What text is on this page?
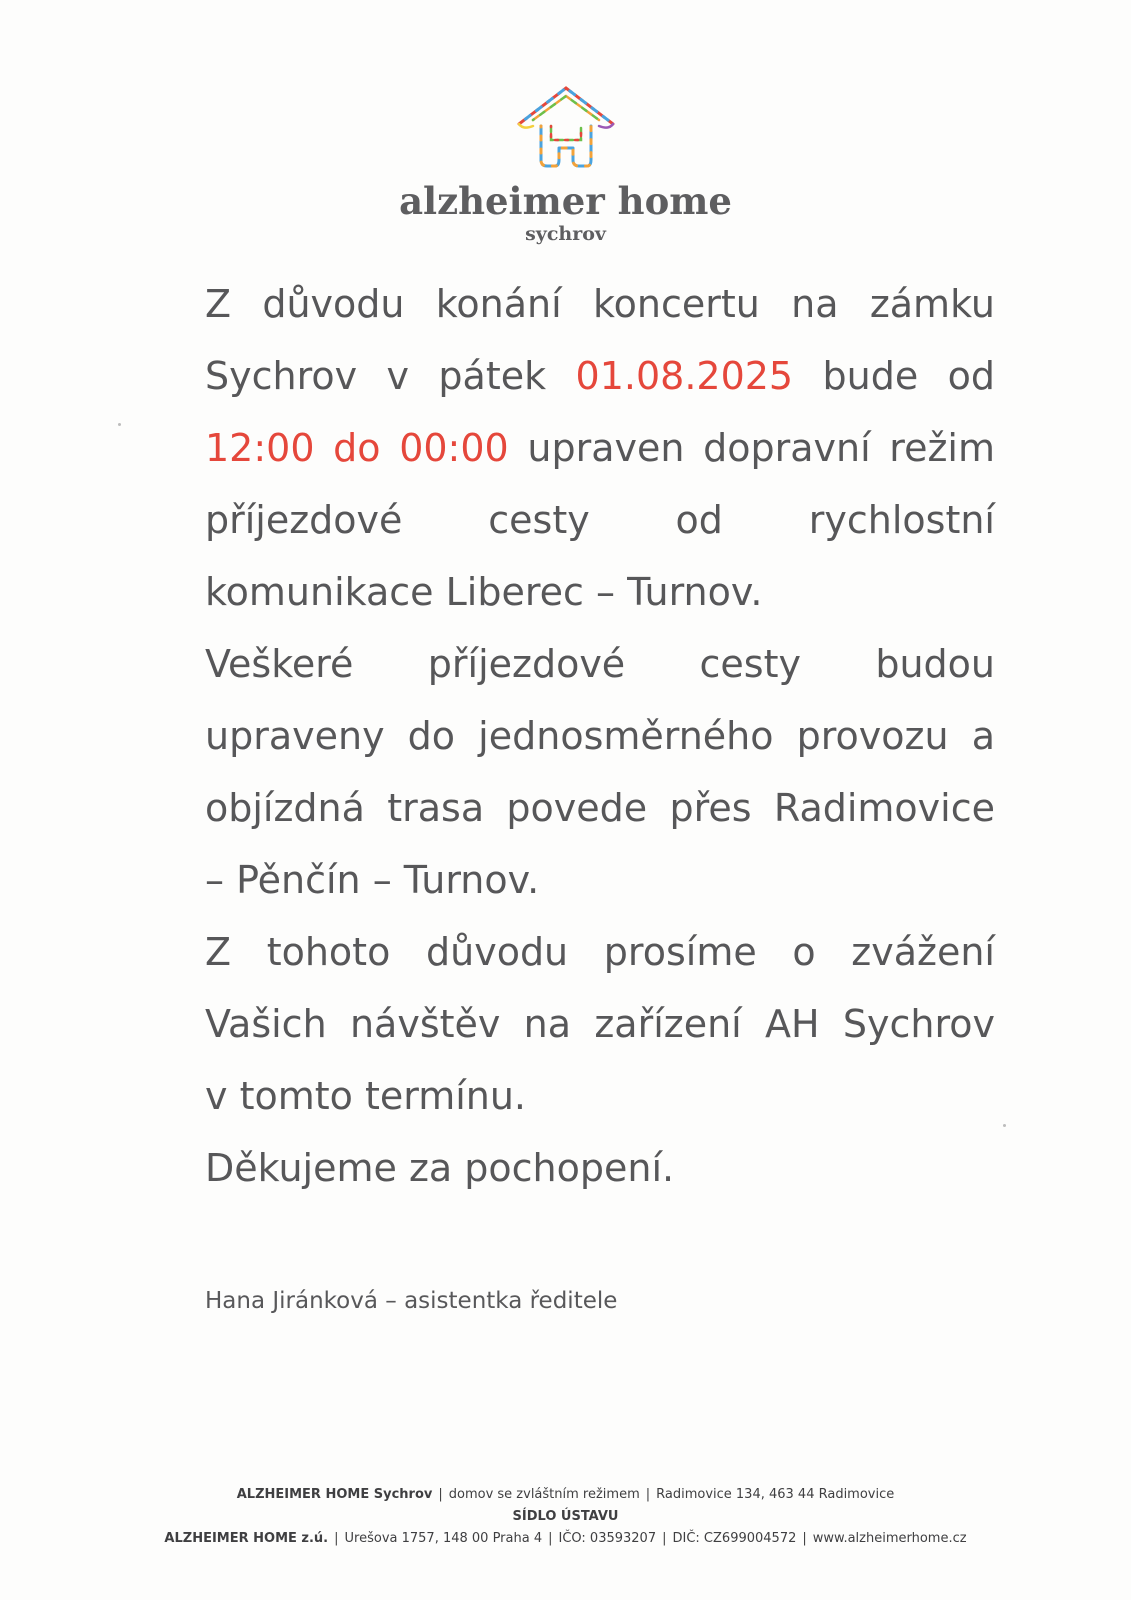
alzheimer home
sychrov
Z důvodu konání koncertu na zámku
Sychrov v pátek 01.08.2025 bude od
12:00 do 00:00 upraven dopravní režim
příjezdové cesty od rychlostní
komunikace Liberec – Turnov.
Veškeré příjezdové cesty budou
upraveny do jednosměrného provozu a
objízdná trasa povede přes Radimovice
– Pěnčín – Turnov.
Z tohoto důvodu prosíme o zvážení
Vašich návštěv na zařízení AH Sychrov
v tomto termínu.
Děkujeme za pochopení.
Hana Jiránková – asistentka ředitele
ALZHEIMER HOME Sychrov | domov se zvláštním režimem | Radimovice 134, 463 44 Radimovice
SÍDLO ÚSTAVU
ALZHEIMER HOME z.ú. | Urešova 1757, 148 00 Praha 4 | IČO: 03593207 | DIČ: CZ699004572 | www.alzheimerhome.cz
